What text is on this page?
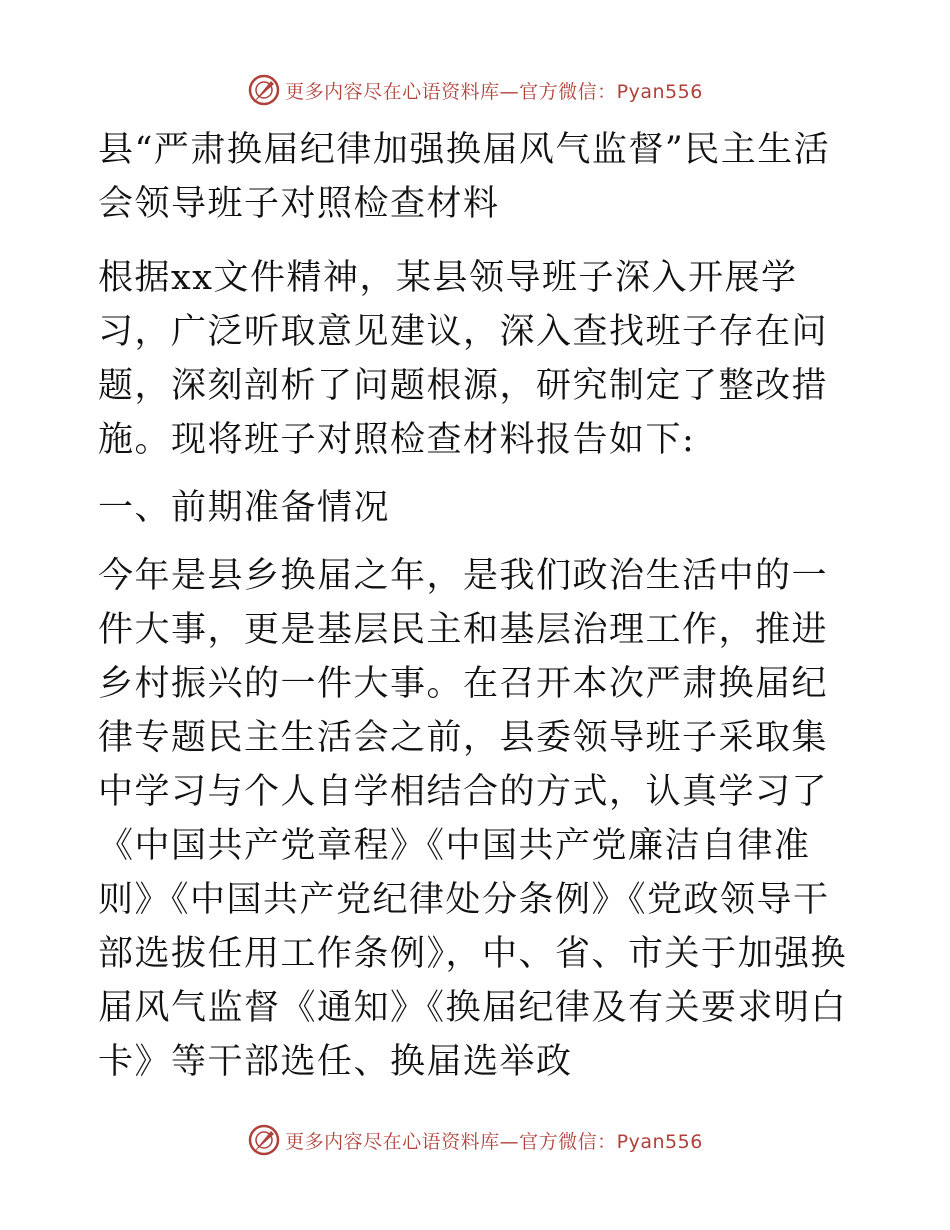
更多内容尽在心语资料库—官方微信：Pyan556

县“严肃换届纪律加强换届风气监督”民主生活会领导班子对照检查材料

根据xx文件精神，某县领导班子深入开展学习，广泛听取意见建议，深入查找班子存在问题，深刻剖析了问题根源，研究制定了整改措施。现将班子对照检查材料报告如下:

一、前期准备情况

今年是县乡换届之年，是我们政治生活中的一件大事，更是基层民主和基层治理工作，推进乡村振兴的一件大事。在召开本次严肃换届纪律专题民主生活会之前，县委领导班子采取集中学习与个人自学相结合的方式，认真学习了《中国共产党章程》《中国共产党廉洁自律准则》《中国共产党纪律处分条例》《党政领导干部选拔任用工作条例》，中、省、市关于加强换届风气监督《通知》《换届纪律及有关要求明白卡》等干部选任、换届选举政

更多内容尽在心语资料库—官方微信：Pyan556
